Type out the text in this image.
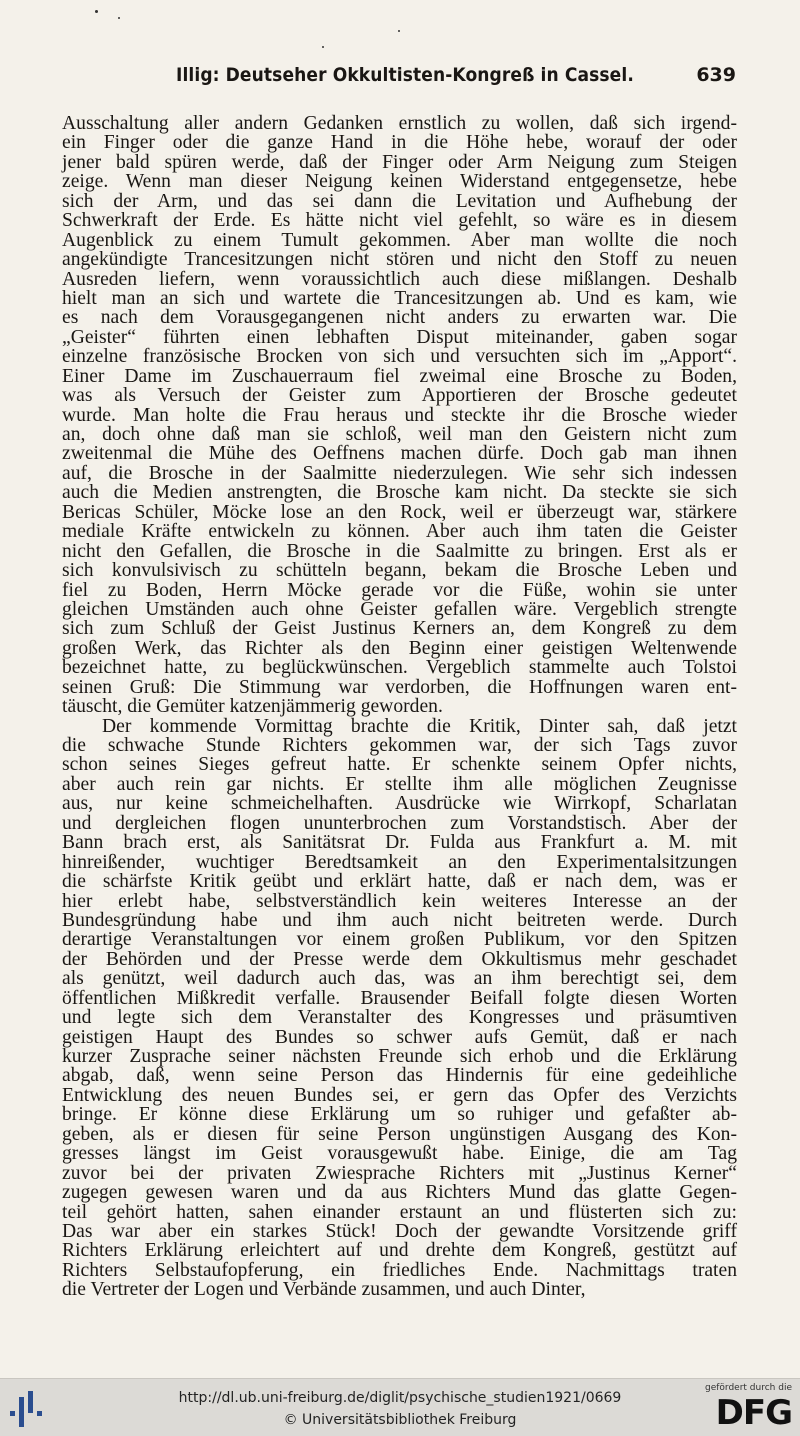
Illig: Deutseher Okkultisten-Kongreß in Cassel.	639
Ausschaltung aller andern Gedanken ernstlich zu wollen, daß sich irgend-
ein Finger oder die ganze Hand in die Höhe hebe, worauf der oder
jener bald spüren werde, daß der Finger oder Arm Neigung zum Steigen
zeige. Wenn man dieser Neigung keinen Widerstand entgegensetze, hebe
sich der Arm, und das sei dann die Levitation und Aufhebung der
Schwerkraft der Erde. Es hätte nicht viel gefehlt, so wäre es in diesem
Augenblick zu einem Tumult gekommen. Aber man wollte die noch
angekündigte Trancesitzungen nicht stören und nicht den Stoff zu neuen
Ausreden liefern, wenn voraussichtlich auch diese mißlangen. Deshalb
hielt man an sich und wartete die Trancesitzungen ab. Und es kam, wie
es nach dem Vorausgegangenen nicht anders zu erwarten war. Die
„Geister“ führten einen lebhaften Disput miteinander, gaben sogar
einzelne französische Brocken von sich und versuchten sich im „Apport“.
Einer Dame im Zuschauerraum fiel zweimal eine Brosche zu Boden,
was als Versuch der Geister zum Apportieren der Brosche gedeutet
wurde. Man holte die Frau heraus und steckte ihr die Brosche wieder
an, doch ohne daß man sie schloß, weil man den Geistern nicht zum
zweitenmal die Mühe des Oeffnens machen dürfe. Doch gab man ihnen
auf, die Brosche in der Saalmitte niederzulegen. Wie sehr sich indessen
auch die Medien anstrengten, die Brosche kam nicht. Da steckte sie sich
Bericas Schüler, Möcke lose an den Rock, weil er überzeugt war, stärkere
mediale Kräfte entwickeln zu können. Aber auch ihm taten die Geister
nicht den Gefallen, die Brosche in die Saalmitte zu bringen. Erst als er
sich konvulsivisch zu schütteln begann, bekam die Brosche Leben und
fiel zu Boden, Herrn Möcke gerade vor die Füße, wohin sie unter
gleichen Umständen auch ohne Geister gefallen wäre. Vergeblich strengte
sich zum Schluß der Geist Justinus Kerners an, dem Kongreß zu dem
großen Werk, das Richter als den Beginn einer geistigen Weltenwende
bezeichnet hatte, zu beglückwünschen. Vergeblich stammelte auch Tolstoi
seinen Gruß: Die Stimmung war verdorben, die Hoffnungen waren ent-
täuscht, die Gemüter katzenjämmerig geworden.
Der kommende Vormittag brachte die Kritik, Dinter sah, daß jetzt
die schwache Stunde Richters gekommen war, der sich Tags zuvor
schon seines Sieges gefreut hatte. Er schenkte seinem Opfer nichts,
aber auch rein gar nichts. Er stellte ihm alle möglichen Zeugnisse
aus, nur keine schmeichelhaften. Ausdrücke wie Wirrkopf, Scharlatan
und dergleichen flogen ununterbrochen zum Vorstandstisch. Aber der
Bann brach erst, als Sanitätsrat Dr. Fulda aus Frankfurt a. M. mit
hinreißender, wuchtiger Beredtsamkeit an den Experimentalsitzungen
die schärfste Kritik geübt und erklärt hatte, daß er nach dem, was er
hier erlebt habe, selbstverständlich kein weiteres Interesse an der
Bundesgründung habe und ihm auch nicht beitreten werde. Durch
derartige Veranstaltungen vor einem großen Publikum, vor den Spitzen
der Behörden und der Presse werde dem Okkultismus mehr geschadet
als genützt, weil dadurch auch das, was an ihm berechtigt sei, dem
öffentlichen Mißkredit verfalle. Brausender Beifall folgte diesen Worten
und legte sich dem Veranstalter des Kongresses und präsumtiven
geistigen Haupt des Bundes so schwer aufs Gemüt, daß er nach
kurzer Zusprache seiner nächsten Freunde sich erhob und die Erklärung
abgab, daß, wenn seine Person das Hindernis für eine gedeihliche
Entwicklung des neuen Bundes sei, er gern das Opfer des Verzichts
bringe. Er könne diese Erklärung um so ruhiger und gefaßter ab-
geben, als er diesen für seine Person ungünstigen Ausgang des Kon-
gresses längst im Geist vorausgewußt habe. Einige, die am Tag
zuvor bei der privaten Zwiesprache Richters mit „Justinus Kerner“
zugegen gewesen waren und da aus Richters Mund das glatte Gegen-
teil gehört hatten, sahen einander erstaunt an und flüsterten sich zu:
Das war aber ein starkes Stück! Doch der gewandte Vorsitzende griff
Richters Erklärung erleichtert auf und drehte dem Kongreß, gestützt auf
Richters Selbstaufopferung, ein friedliches Ende. Nachmittags traten
die Vertreter der Logen und Verbände zusammen, und auch Dinter,
http://dl.ub.uni-freiburg.de/diglit/psychische_studien1921/0669
© Universitätsbibliothek Freiburg
gefördert durch die
DFG
